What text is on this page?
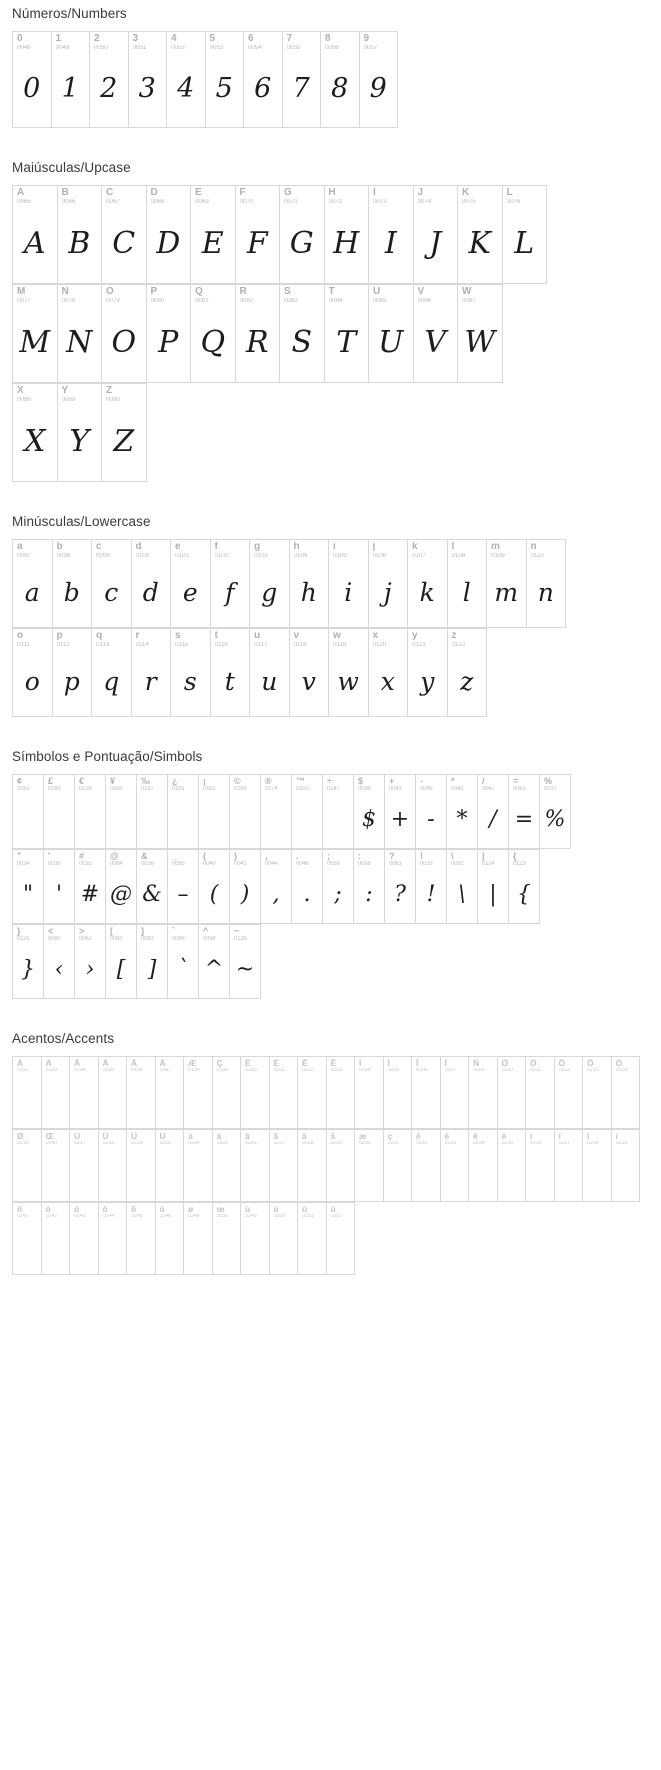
Números/Numbers
0
0048
0
1
0049
1
2
0050
2
3
0051
3
4
0052
4
5
0053
5
6
0054
6
7
0055
7
8
0056
8
9
0057
9
Maiúsculas/Upcase
A
0065
A
B
0066
B
C
0067
C
D
0068
D
E
0069
E
F
0070
F
G
0071
G
H
0072
H
I
0073
I
J
0074
J
K
0075
K
L
0076
L
M
0077
M
N
0078
N
O
0079
O
P
0080
P
Q
0081
Q
R
0082
R
S
0083
S
T
0084
T
U
0085
U
V
0086
V
W
0087
W
X
0088
X
Y
0089
Y
Z
0090
Z
Minúsculas/Lowercase
a
0097
a
b
0098
b
c
0099
c
d
0100
d
e
0101
e
f
0102
f
g
0103
g
h
0104
h
i
0105
i
j
0106
j
k
0107
k
l
0108
l
m
0109
m
n
0110
n
o
0111
o
p
0112
p
q
0113
q
r
0114
r
s
0115
s
t
0116
t
u
0117
u
v
0118
v
w
0119
w
x
0120
x
y
0121
y
z
0122
z
Símbolos e Pontuação/Simbols
¢
0162
£
0163
€
0128
¥
0165
‰
0137
¿
0191
¡
0161
©
0169
®
0174
™
0153
÷
0247
$
0036
$
+
0043
+
-
0045
-
*
0042
*
/
0047
/
=
0061
=
%
0037
%
"
0034
"
'
0039
'
#
0035
#
@
0064
@
&
0038
&
_
0095
–
(
0040
(
)
0041
)
,
0044
,
.
0046
.
;
0059
;
:
0058
:
?
0063
?
!
0033
!
\
0092
\
|
0124
|
{
0123
{
}
0125
}
<
0060
‹
>
0062
›
[
0091
[
]
0093
]
`
0096
`
^
0094
^
~
0126
~
Acentos/Accents
À
0192
Á
0193
Â
0194
Ã
0195
Ä
0196
Å
0197
Æ
0198
Ç
0199
È
0200
É
0201
Ê
0202
Ë
0203
Ì
0204
Í
0205
Î
0206
Ï
0207
Ñ
0209
Ò
0210
Ó
0211
Ô
0212
Õ
0213
Ö
0214
Ø
0216
Œ
0140
Ù
0217
Ú
0218
Û
0219
Ü
0220
à
0224
á
0225
â
0226
ã
0227
ä
0228
å
0229
æ
0230
ç
0231
è
0232
é
0233
ê
0234
ë
0235
ì
0236
í
0237
î
0238
ï
0239
ñ
0241
ò
0242
ó
0243
ô
0244
õ
0245
ö
0246
ø
0248
œ
0156
ù
0249
ú
0250
û
0251
ü
0252
